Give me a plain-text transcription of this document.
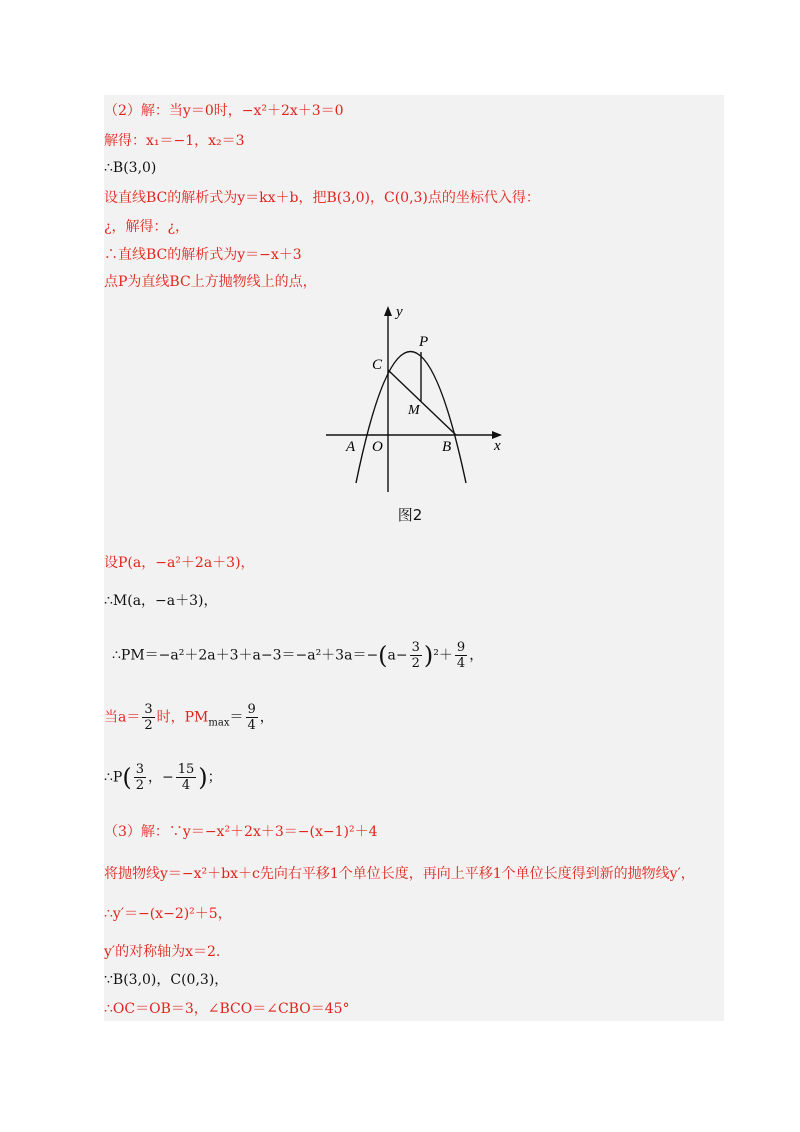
（2）解：当y＝0时，−x²＋2x＋3＝0
解得：x₁＝−1，x₂＝3
∴B(3,0)
设直线BC的解析式为y＝kx＋b，把B(3,0)，C(0,3)点的坐标代入得：
¿，解得：¿，
∴直线BC的解析式为y＝−x＋3
点P为直线BC上方抛物线上的点，
y
x
P
C
M
A O	B
图2
设P(a，−a²＋2a＋3)，
∴M(a，−a＋3)，
∴PM＝−a²＋2a＋3＋a−3＝−a²＋3a＝−(a− $\frac{3}{2} )^2+ \frac{9}{4}$ ，
当$a= \frac{3}{2}$ 时，$PM_{max}= \frac{9}{4}$ ，
∴P( $\frac{3}{2}$ ，− $\frac{15}{4}$ )；
（3）解：∵y＝−x²＋2x＋3＝−(x−1)²＋4
将抛物线y＝−x²＋bx＋c先向右平移1个单位长度，再向上平移1个单位长度得到新的抛物线y′，
∴y′＝−(x−2)²＋5，
y′的对称轴为x＝2.
∵B(3,0)，C(0,3)，
∴OC＝OB＝3，∠BCO＝∠CBO＝45°
